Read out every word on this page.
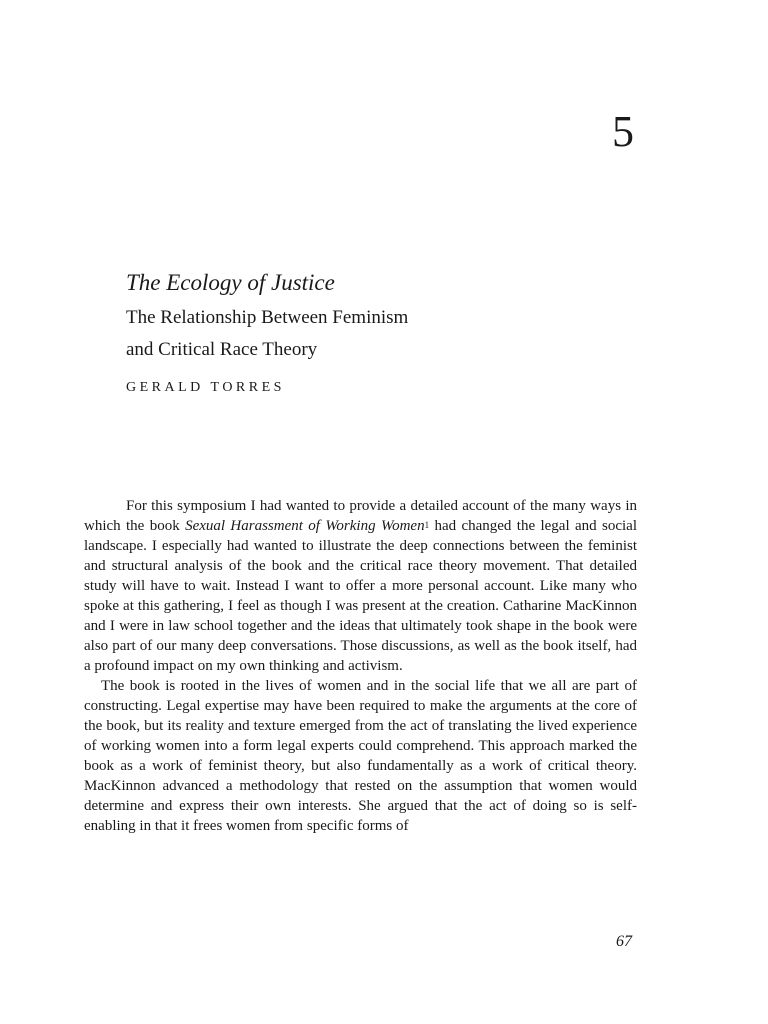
5
The Ecology of Justice
The Relationship Between Feminism
and Critical Race Theory
GERALD TORRES

For this symposium I had wanted to provide a detailed account of the many ways in which the book Sexual Harassment of Working Women$^1$ had changed the legal and social landscape. I especially had wanted to illustrate the deep connections between the feminist and structural analysis of the book and the critical race theory movement. That detailed study will have to wait. Instead I want to offer a more personal account. Like many who spoke at this gathering, I feel as though I was present at the creation. Catharine MacKinnon and I were in law school together and the ideas that ultimately took shape in the book were also part of our many deep conversations. Those discussions, as well as the book itself, had a profound impact on my own thinking and activism.

The book is rooted in the lives of women and in the social life that we all are part of constructing. Legal expertise may have been required to make the arguments at the core of the book, but its reality and texture emerged from the act of translating the lived experience of working women into a form legal experts could comprehend. This approach marked the book as a work of feminist theory, but also fundamentally as a work of critical theory. MacKinnon advanced a methodology that rested on the assumption that women would determine and express their own interests. She argued that the act of doing so is self-enabling in that it frees women from specific forms of

67
